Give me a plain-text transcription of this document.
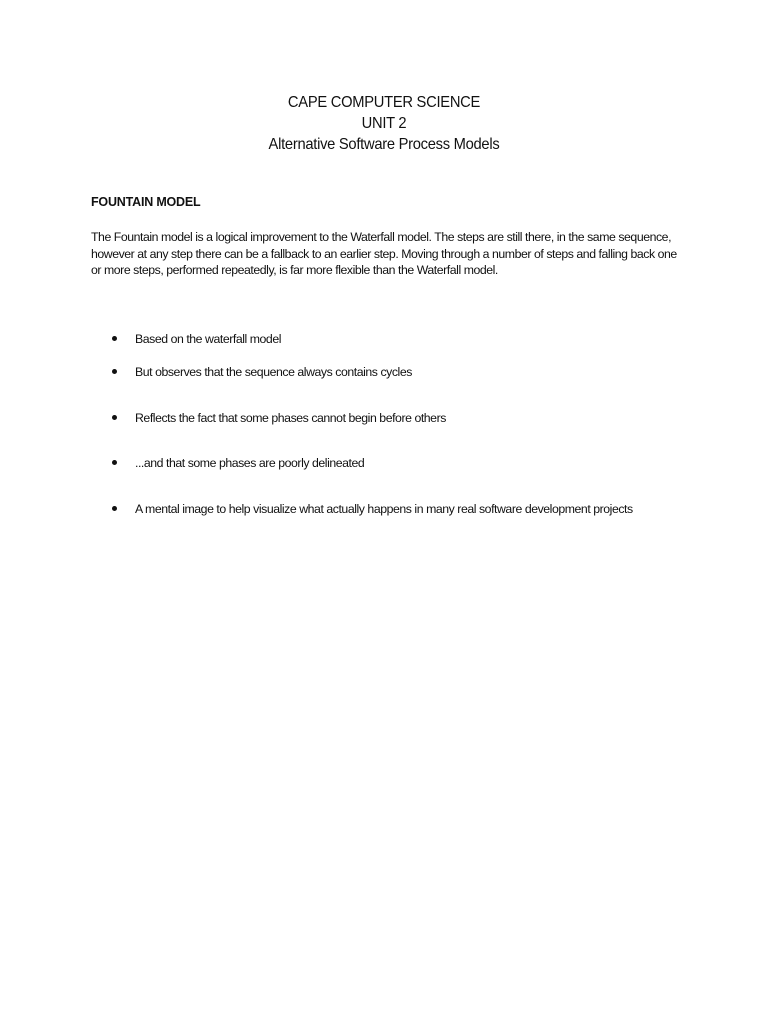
CAPE COMPUTER SCIENCE
UNIT 2
Alternative Software Process Models
FOUNTAIN MODEL

The Fountain model is a logical improvement to the Waterfall model. The steps are still there, in the same sequence, however at any step there can be a fallback to an earlier step. Moving through a number of steps and falling back one or more steps, performed repeatedly, is far more flexible than the Waterfall model.

Based on the waterfall model
But observes that the sequence always contains cycles
Reflects the fact that some phases cannot begin before others
...and that some phases are poorly delineated
A mental image to help visualize what actually happens in many real software development projects
